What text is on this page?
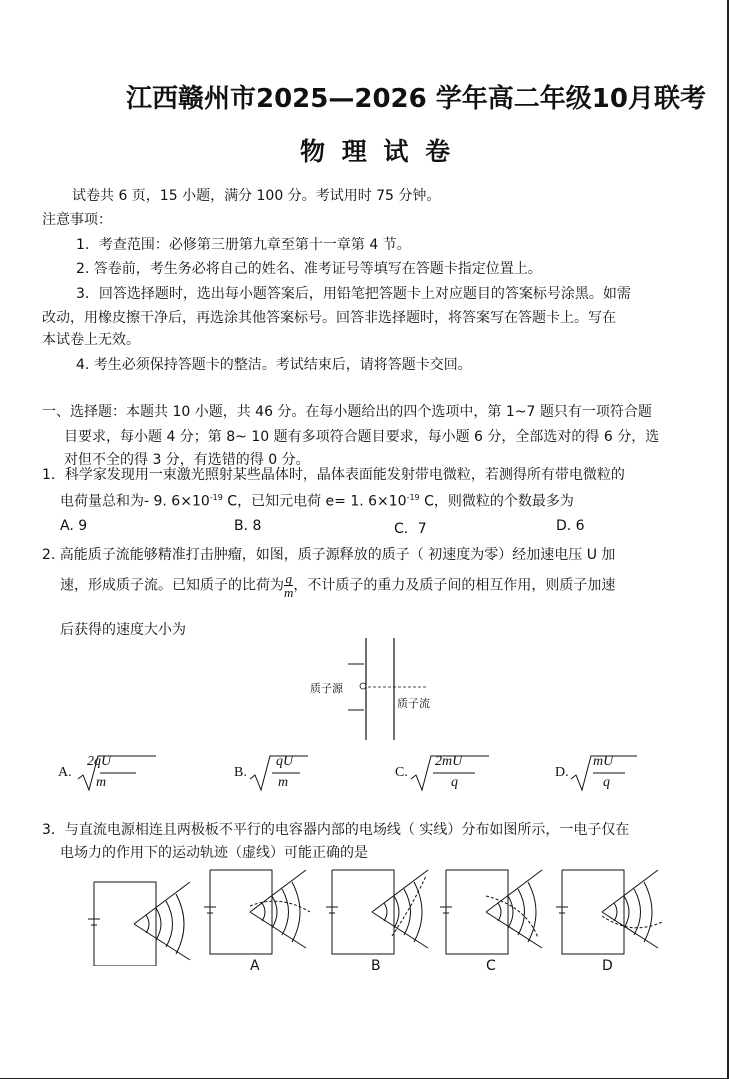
江西赣州市2025—2026 学年高二年级10月联考
物 理 试 卷
试卷共 6 页，15 小题，满分 100 分。考试用时 75 分钟。
注意事项：
1．考查范围：必修第三册第九章至第十一章第 4 节。
2. 答卷前，考生务必将自己的姓名、准考证号等填写在答题卡指定位置上。
3．回答选择题时，选出每小题答案后，用铅笔把答题卡上对应题目的答案标号涂黑。如需
改动，用橡皮擦干净后，再选涂其他答案标号。回答非选择题时，将答案写在答题卡上。写在
本试卷上无效。
4. 考生必须保持答题卡的整洁。考试结束后，请将答题卡交回。
一、选择题：本题共 10 小题，共 46 分。在每小题给出的四个选项中，第 1~7 题只有一项符合题
目要求，每小题 4 分；第 8~ 10 题有多项符合题目要求，每小题 6 分，全部选对的得 6 分，选
对但不全的得 3 分，有选错的得 0 分。
1．科学家发现用一束激光照射某些晶体时，晶体表面能发射带电微粒，若测得所有带电微粒的
电荷量总和为- 9. $6\times 10^{-19}$ C，已知元电荷 e= 1. $6\times 10^{-19}$ C，则微粒的个数最多为
A. 9	B. 8	C．7	D. 6
2. 高能质子流能够精准打击肿瘤，如图，质子源释放的质子（ 初速度为零）经加速电压 U 加
速，形成质子流。已知质子的比荷为 $\frac{q}{m}$ ，不计质子的重力及质子间的相互作用，则质子加速
后获得的速度大小为
质子源
质子流
A.
2qU
m
B.
qU
m
C.
2mU
q
D.
mU
q
3．与直流电源相连且两极板不平行的电容器内部的电场线（ 实线）分布如图所示，一电子仅在
电场力的作用下的运动轨迹（虚线）可能正确的是
A	B	C	D
